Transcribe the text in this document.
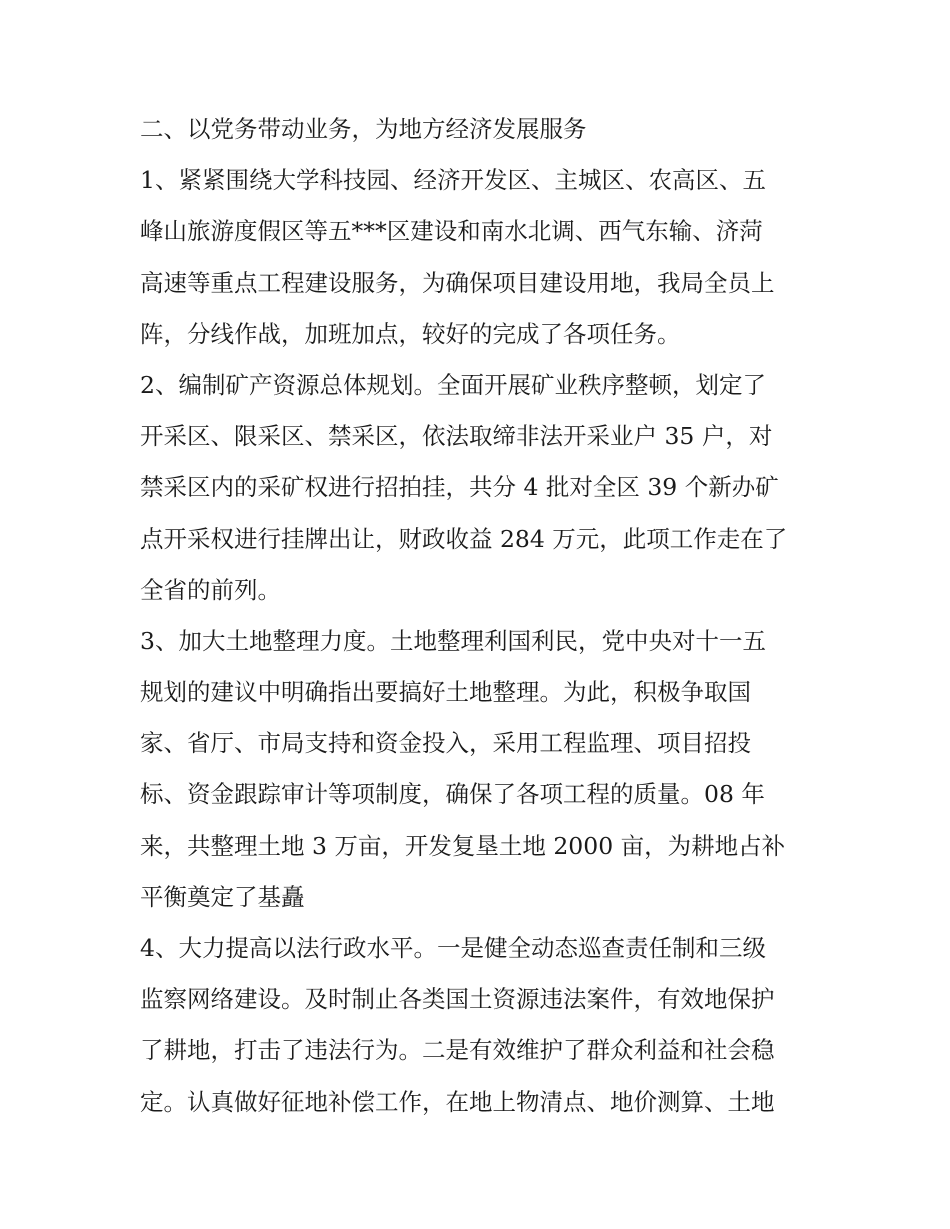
二、以党务带动业务，为地方经济发展服务
1、紧紧围绕大学科技园、经济开发区、主城区、农高区、五
峰山旅游度假区等五***区建设和南水北调、西气东输、济菏
高速等重点工程建设服务，为确保项目建设用地，我局全员上
阵，分线作战，加班加点，较好的完成了各项任务。
2、编制矿产资源总体规划。全面开展矿业秩序整顿，划定了
开采区、限采区、禁采区，依法取缔非法开采业户 35 户，对
禁采区内的采矿权进行招拍挂，共分 4 批对全区 39 个新办矿
点开采权进行挂牌出让，财政收益 284 万元，此项工作走在了
全省的前列。
3、加大土地整理力度。土地整理利国利民，党中央对十一五
规划的建议中明确指出要搞好土地整理。为此，积极争取国
家、省厅、市局支持和资金投入，采用工程监理、项目招投
标、资金跟踪审计等项制度，确保了各项工程的质量。08 年
来，共整理土地 3 万亩，开发复垦土地 2000 亩，为耕地占补
平衡奠定了基矗
4、大力提高以法行政水平。一是健全动态巡查责任制和三级
监察网络建设。及时制止各类国土资源违法案件，有效地保护
了耕地，打击了违法行为。二是有效维护了群众利益和社会稳
定。认真做好征地补偿工作，在地上物清点、地价测算、土地
